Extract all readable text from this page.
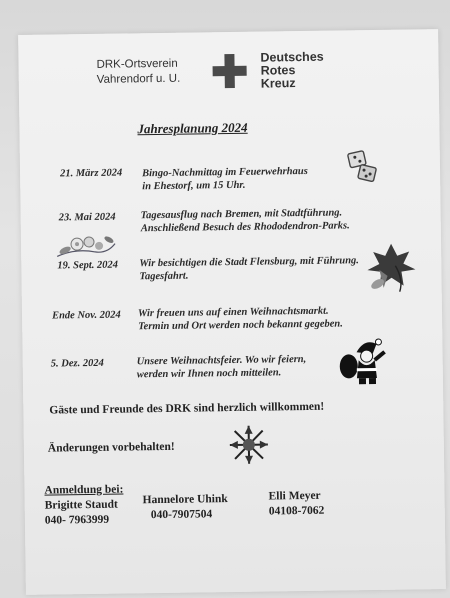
DRK-Ortsverein
Vahrendorf u. U.
Deutsches
Rotes
Kreuz
Jahresplanung 2024
21. März 2024 Bingo-Nachmittag im Feuerwehrhaus
in Ehestorf, um 15 Uhr.
23. Mai 2024 Tagesausflug nach Bremen, mit Stadtführung.
Anschließend Besuch des Rhododendron-Parks.
19. Sept. 2024 Wir besichtigen die Stadt Flensburg, mit Führung.
Tagesfahrt.
Ende Nov. 2024 Wir freuen uns auf einen Weihnachtsmarkt.
Termin und Ort werden noch bekannt gegeben.
5. Dez. 2024	Unsere Weihnachtsfeier. Wo wir feiern,
werden wir Ihnen noch mitteilen.
Gäste und Freunde des DRK sind herzlich willkommen!
Änderungen vorbehalten!
Anmeldung bei:
Brigitte Staudt
040- 7963999
Hannelore Uhink
040-7907504
Elli Meyer
04108-7062
